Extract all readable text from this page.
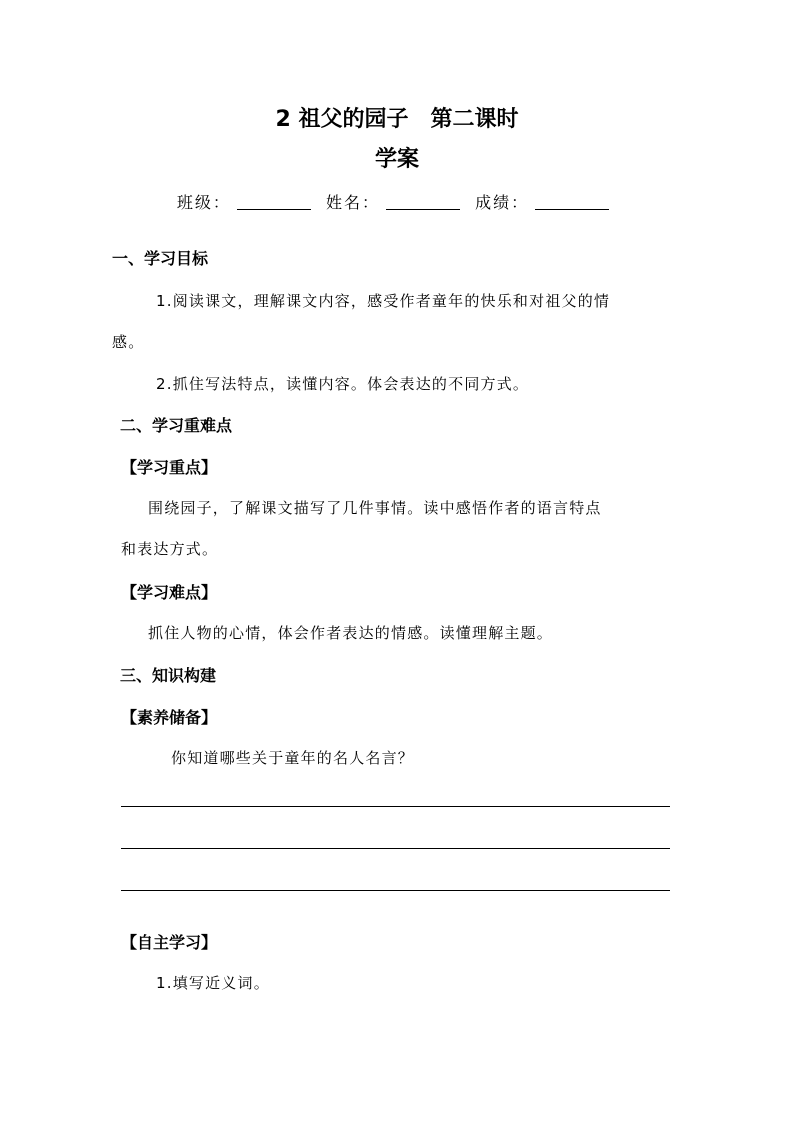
2 祖父的园子　第二课时
学案
班级：	姓名：	成绩：
一、学习目标
1.阅读课文，理解课文内容，感受作者童年的快乐和对祖父的情
感。
2.抓住写法特点，读懂内容。体会表达的不同方式。
二、学习重难点
【学习重点】
围绕园子，了解课文描写了几件事情。读中感悟作者的语言特点
和表达方式。
【学习难点】
抓住人物的心情，体会作者表达的情感。读懂理解主题。
三、知识构建
【素养储备】
你知道哪些关于童年的名人名言？
【自主学习】
1.填写近义词。
